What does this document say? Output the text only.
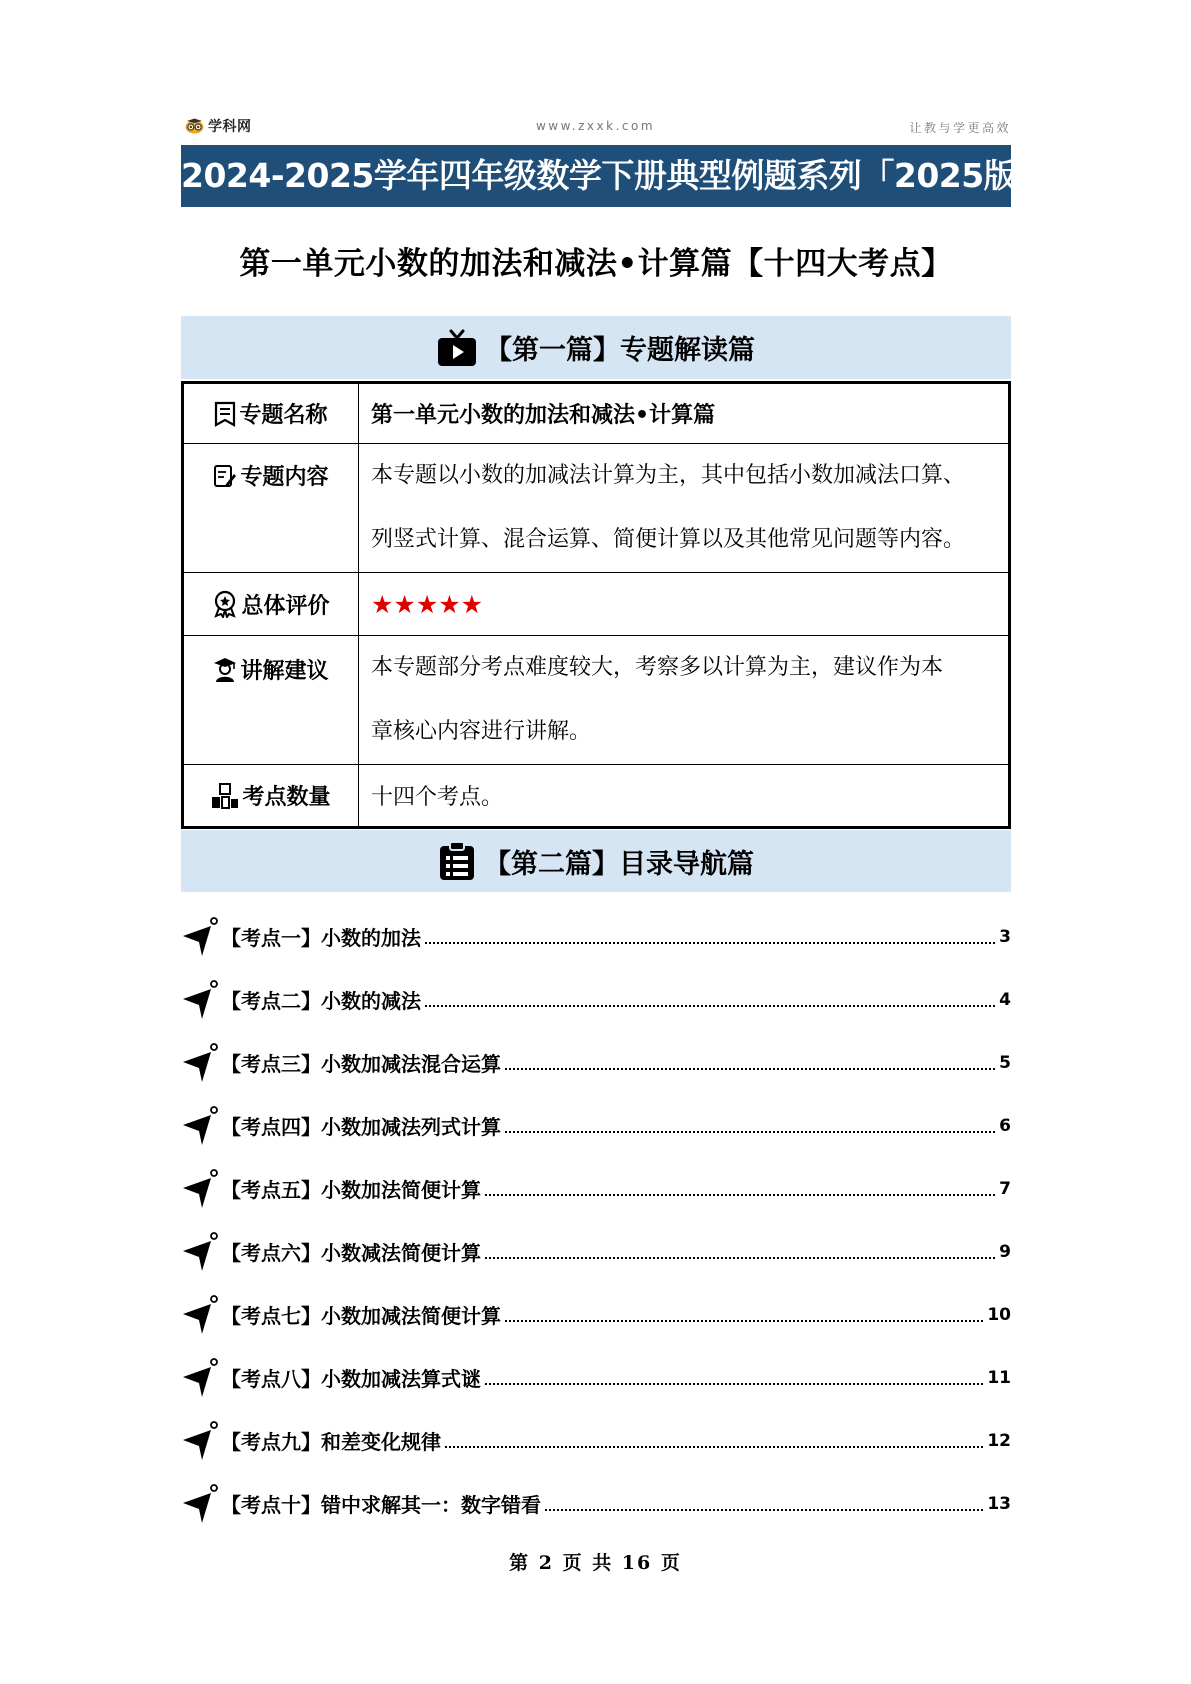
学科网	www.zxxk.com	让教与学更高效
2024-2025学年四年级数学下册典型例题系列「2025版」
第一单元小数的加法和减法•计算篇【十四大考点】
【第一篇】专题解读篇
专题名称	第一单元小数的加法和减法•计算篇

专题内容	本专题以小数的加减法计算为主，其中包括小数加减法口算、
列竖式计算、混合运算、简便计算以及其他常见问题等内容。

总体评价	★★★★★

讲解建议	本专题部分考点难度较大，考察多以计算为主，建议作为本
章核心内容进行讲解。

考点数量	十四个考点。
【第二篇】目录导航篇
【考点一】小数的加法	3
【考点二】小数的减法	4
【考点三】小数加减法混合运算	5
【考点四】小数加减法列式计算	6
【考点五】小数加法简便计算	7
【考点六】小数减法简便计算	9
【考点七】小数加减法简便计算	10
【考点八】小数加减法算式谜	11
【考点九】和差变化规律	12
【考点十】错中求解其一：数字错看	13
第 2 页 共 16 页
